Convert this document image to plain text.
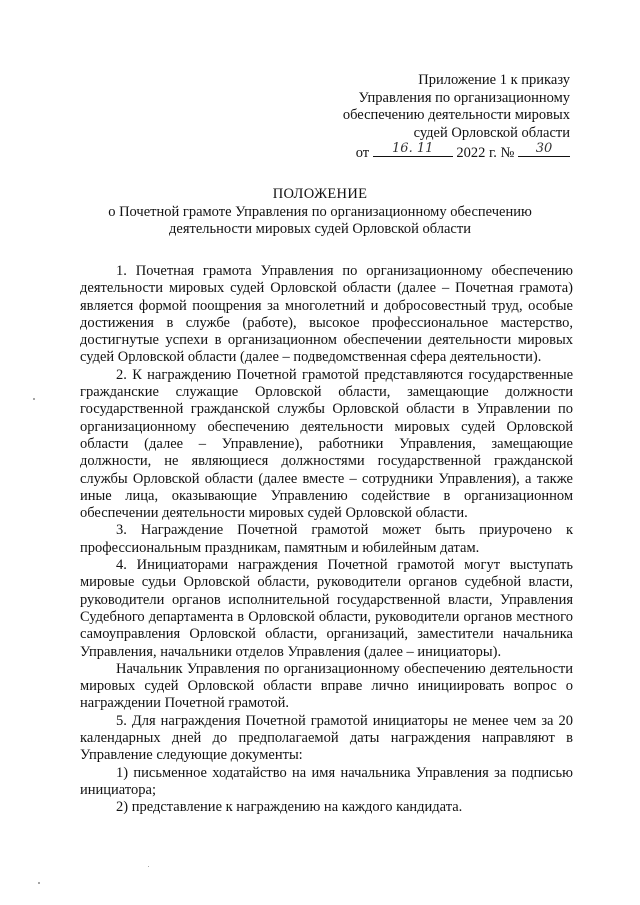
Приложение 1 к приказу
Управления по организационному
обеспечению деятельности мировых
судей Орловской области
от	16. 11	2022 г. №	30
ПОЛОЖЕНИЕ
о Почетной грамоте Управления по организационному обеспечению
деятельности мировых судей Орловской области

1. Почетная грамота Управления по организационному обеспечению деятельности мировых судей Орловской области (далее – Почетная грамота) является формой поощрения за многолетний и добросовестный труд, особые достижения в службе (работе), высокое профессиональное мастерство, достигнутые успехи в организационном обеспечении деятельности мировых судей Орловской области (далее – подведомственная сфера деятельности).

2. К награждению Почетной грамотой представляются государственные гражданские служащие Орловской области, замещающие должности государственной гражданской службы Орловской области в Управлении по организационному обеспечению деятельности мировых судей Орловской области (далее – Управление), работники Управления, замещающие должности, не являющиеся должностями государственной гражданской службы Орловской области (далее вместе – сотрудники Управления), а также иные лица, оказывающие Управлению содействие в организационном обеспечении деятельности мировых судей Орловской области.

3. Награждение Почетной грамотой может быть приурочено к профессиональным праздникам, памятным и юбилейным датам.

4. Инициаторами награждения Почетной грамотой могут выступать мировые судьи Орловской области, руководители органов судебной власти, руководители органов исполнительной государственной власти, Управления Судебного департамента в Орловской области, руководители органов местного самоуправления Орловской области, организаций, заместители начальника Управления, начальники отделов Управления (далее – инициаторы).

Начальник Управления по организационному обеспечению деятельности мировых судей Орловской области вправе лично инициировать вопрос о награждении Почетной грамотой.

5. Для награждения Почетной грамотой инициаторы не менее чем за 20 календарных дней до предполагаемой даты награждения направляют в Управление следующие документы:

1) письменное ходатайство на имя начальника Управления за подписью инициатора;

2) представление к награждению на каждого кандидата.
